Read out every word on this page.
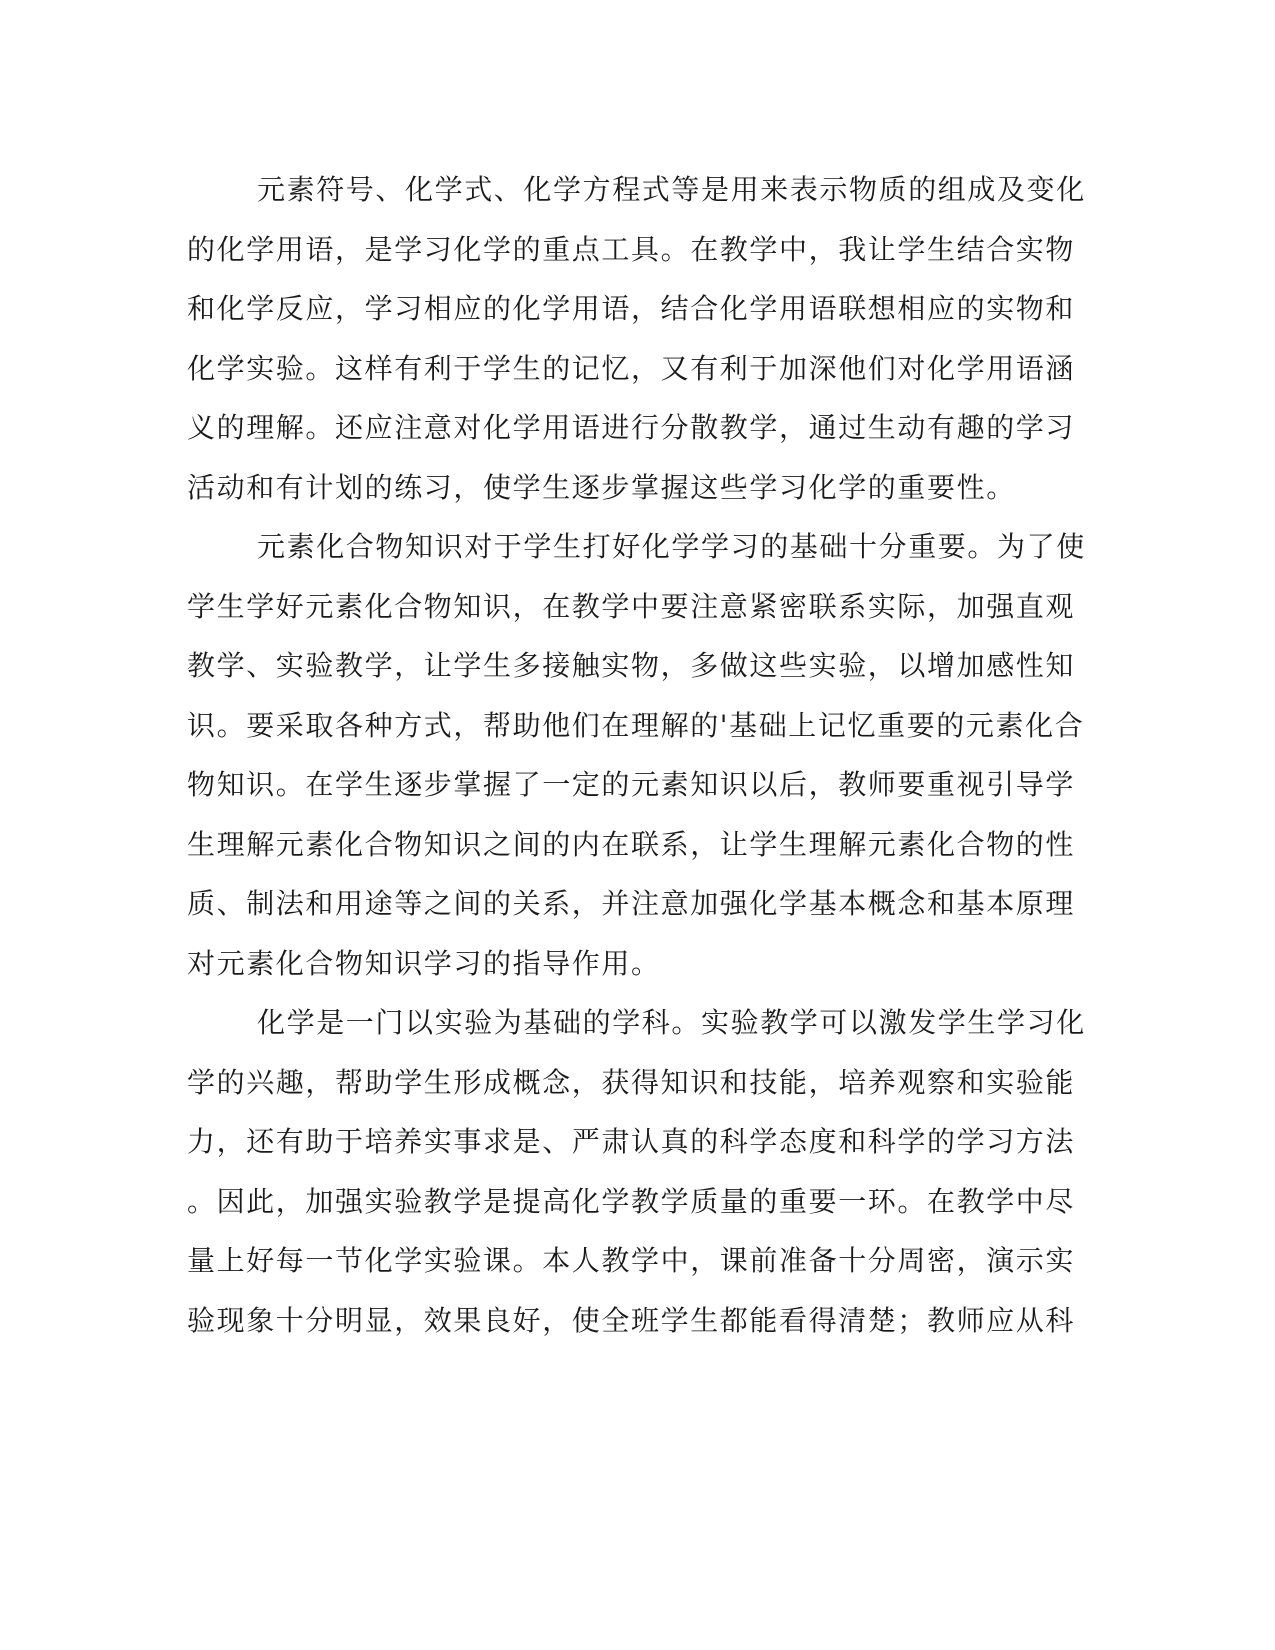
元素符号、化学式、化学方程式等是用来表示物质的组成及变化
的化学用语，是学习化学的重点工具。在教学中，我让学生结合实物
和化学反应，学习相应的化学用语，结合化学用语联想相应的实物和
化学实验。这样有利于学生的记忆，又有利于加深他们对化学用语涵
义的理解。还应注意对化学用语进行分散教学，通过生动有趣的学习
活动和有计划的练习，使学生逐步掌握这些学习化学的重要性。
元素化合物知识对于学生打好化学学习的基础十分重要。为了使
学生学好元素化合物知识，在教学中要注意紧密联系实际，加强直观
教学、实验教学，让学生多接触实物，多做这些实验，以增加感性知
识。要采取各种方式，帮助他们在理解的'基础上记忆重要的元素化合
物知识。在学生逐步掌握了一定的元素知识以后，教师要重视引导学
生理解元素化合物知识之间的内在联系，让学生理解元素化合物的性
质、制法和用途等之间的关系，并注意加强化学基本概念和基本原理
对元素化合物知识学习的指导作用。
化学是一门以实验为基础的学科。实验教学可以激发学生学习化
学的兴趣，帮助学生形成概念，获得知识和技能，培养观察和实验能
力，还有助于培养实事求是、严肃认真的科学态度和科学的学习方法
。因此，加强实验教学是提高化学教学质量的重要一环。在教学中尽
量上好每一节化学实验课。本人教学中，课前准备十分周密，演示实
验现象十分明显，效果良好，使全班学生都能看得清楚；教师应从科
